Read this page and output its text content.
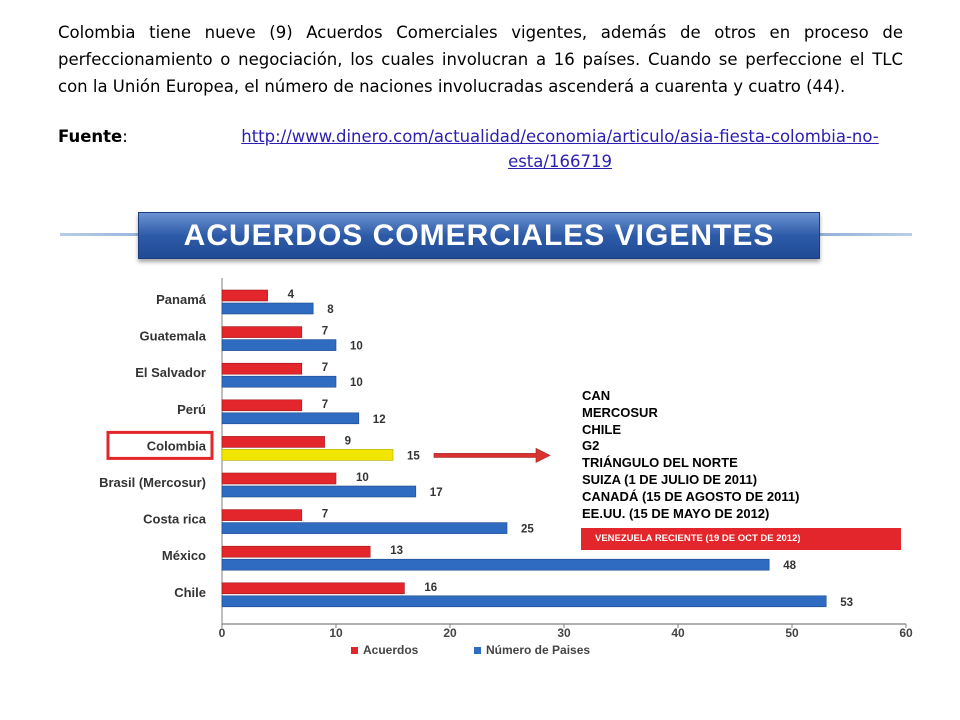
Colombia tiene nueve (9) Acuerdos Comerciales vigentes, además de otros en proceso de perfeccionamiento o negociación, los cuales involucran a 16 países. Cuando se perfeccione el TLC con la Unión Europea, el número de naciones involucradas ascenderá a cuarenta y cuatro (44).
Fuente:	http://www.dinero.com/actualidad/economia/articulo/asia-fiesta-colombia-no-
esta/166719
ACUERDOS COMERCIALES VIGENTES
Panamá	4
8
Guatemala	7
10
El Salvador	7
10
Perú	7
12
Colombia	9
15
Brasil (Mercosur)	10
17
Costa rica	7
25
México	13
48
Chile	16
53
0	10	20	30	40	50	60
Acuerdos	Número de Paises
CAN
MERCOSUR
CHILE
G2
TRIÁNGULO DEL NORTE
SUIZA (1 DE JULIO DE 2011)
CANADÁ (15 DE AGOSTO DE 2011)
EE.UU. (15 DE MAYO DE 2012)
VENEZUELA RECIENTE (19 DE OCT DE 2012)
